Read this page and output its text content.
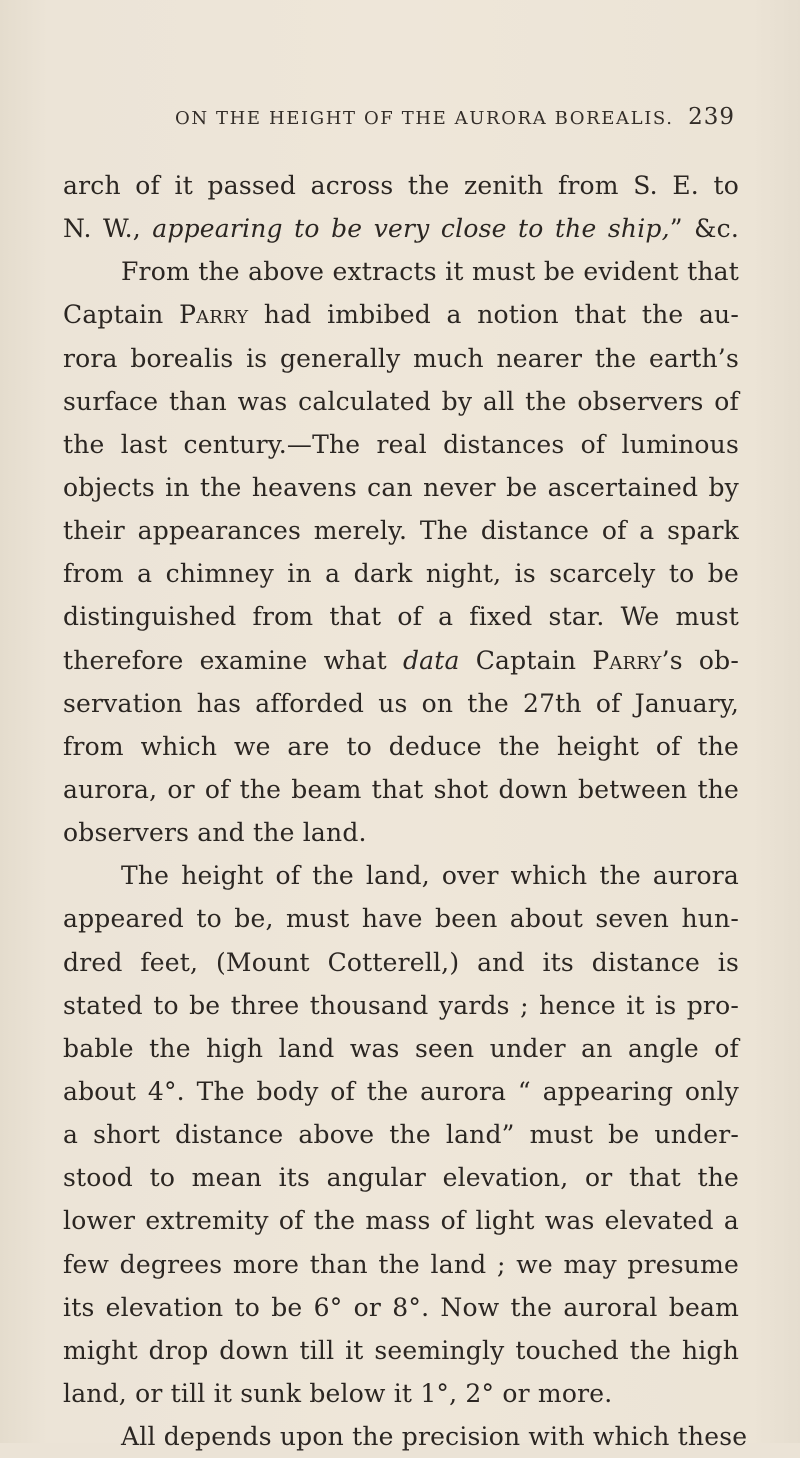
ON THE HEIGHT OF THE AURORA BOREALIS. 239
arch of it passed across the zenith from S. E. to
N. W., appearing to be very close to the ship,” &c.
From the above extracts it must be evident that
Captain Parry had imbibed a notion that the au-
rora borealis is generally much nearer the earth’s
surface than was calculated by all the observers of
the last century.—The real distances of luminous
objects in the heavens can never be ascertained by
their appearances merely. The distance of a spark
from a chimney in a dark night, is scarcely to be
distinguished from that of a fixed star. We must
therefore examine what data Captain Parry’s ob-
servation has afforded us on the 27th of January,
from which we are to deduce the height of the
aurora, or of the beam that shot down between the
observers and the land.
The height of the land, over which the aurora
appeared to be, must have been about seven hun-
dred feet, (Mount Cotterell,) and its distance is
stated to be three thousand yards ; hence it is pro-
bable the high land was seen under an angle of
about 4°. The body of the aurora “ appearing only
a short distance above the land” must be under-
stood to mean its angular elevation, or that the
lower extremity of the mass of light was elevated a
few degrees more than the land ; we may presume
its elevation to be 6° or 8°. Now the auroral beam
might drop down till it seemingly touched the high
land, or till it sunk below it 1°, 2° or more.
All depends upon the precision with which these
